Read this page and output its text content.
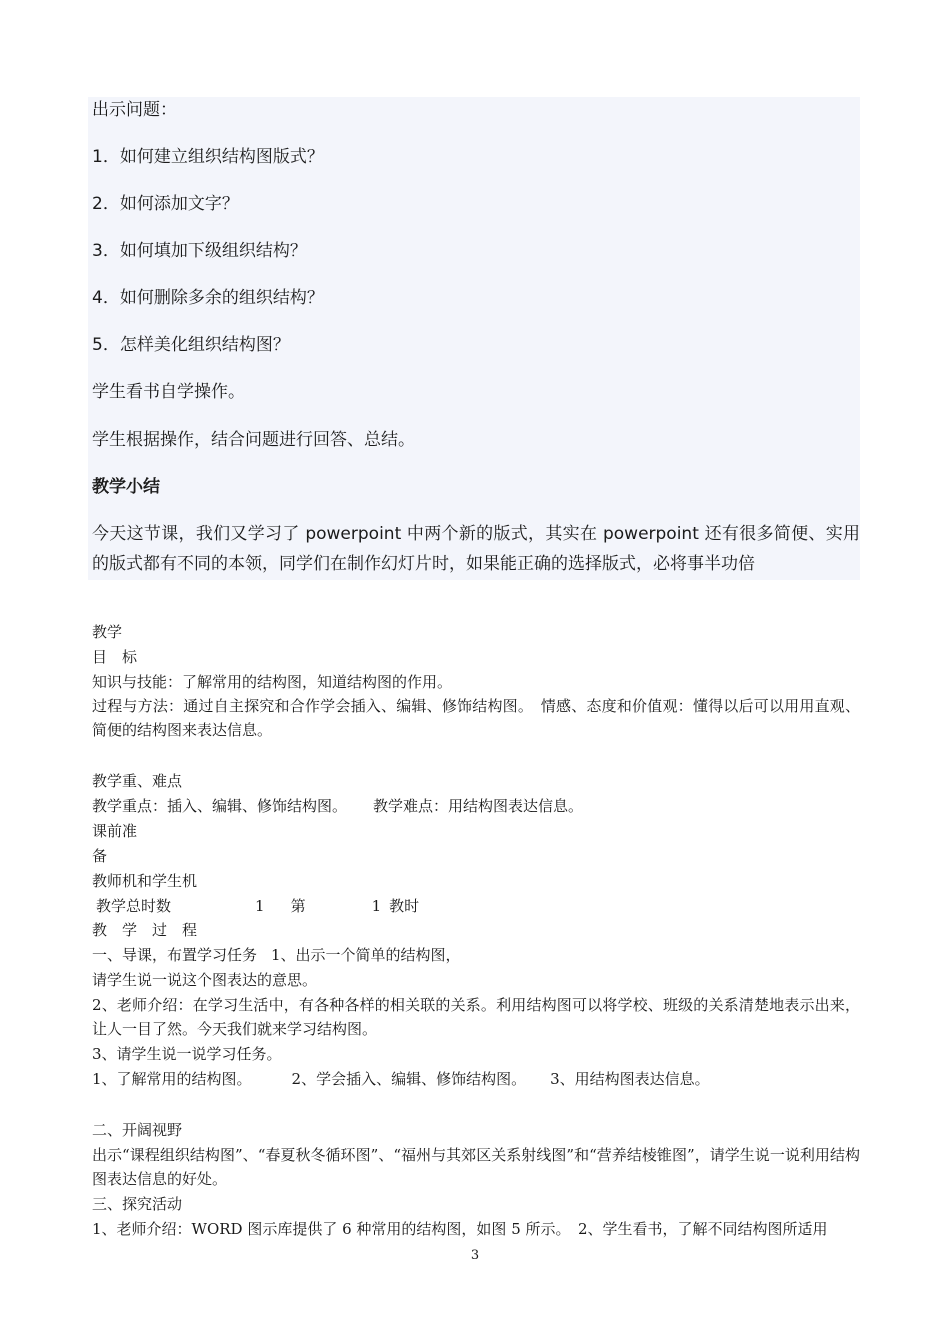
出示问题：
1．如何建立组织结构图版式？
2．如何添加文字？
3．如何填加下级组织结构？
4．如何删除多余的组织结构？
5．怎样美化组织结构图？
学生看书自学操作。
学生根据操作，结合问题进行回答、总结。
教学小结
今天这节课，我们又学习了 powerpoint 中两个新的版式，其实在 powerpoint 还有很多简便、实用的版式都有不同的本领，同学们在制作幻灯片时，如果能正确的选择版式，必将事半功倍
教学
目　标
知识与技能：了解常用的结构图，知道结构图的作用。
过程与方法：通过自主探究和合作学会插入、编辑、修饰结构图。　情感、态度和价值观：懂得以后可以用用直观、简便的结构图来表达信息。
教学重、难点
教学重点：插入、编辑、修饰结构图。 教学难点：用结构图表达信息。
课前准
备
教师机和学生机
教学总时数	1 第	1 教时
教　学　过　程
一、导课，布置学习任务 1、出示一个简单的结构图，
请学生说一说这个图表达的意思。
2、老师介绍：在学习生活中，有各种各样的相关联的关系。利用结构图可以将学校、班级的关系清楚地表示出来，让人一目了然。今天我们就来学习结构图。
3、请学生说一说学习任务。
1、了解常用的结构图。	2、学会插入、编辑、修饰结构图。 3、用结构图表达信息。
二、开阔视野
出示“课程组织结构图”、“春夏秋冬循环图”、“福州与其郊区关系射线图”和“营养结棱锥图”，请学生说一说利用结构图表达信息的好处。
三、探究活动
1、老师介绍：WORD 图示库提供了 6 种常用的结构图，如图 5 所示。　2、学生看书，了解不同结构图所适用
3
